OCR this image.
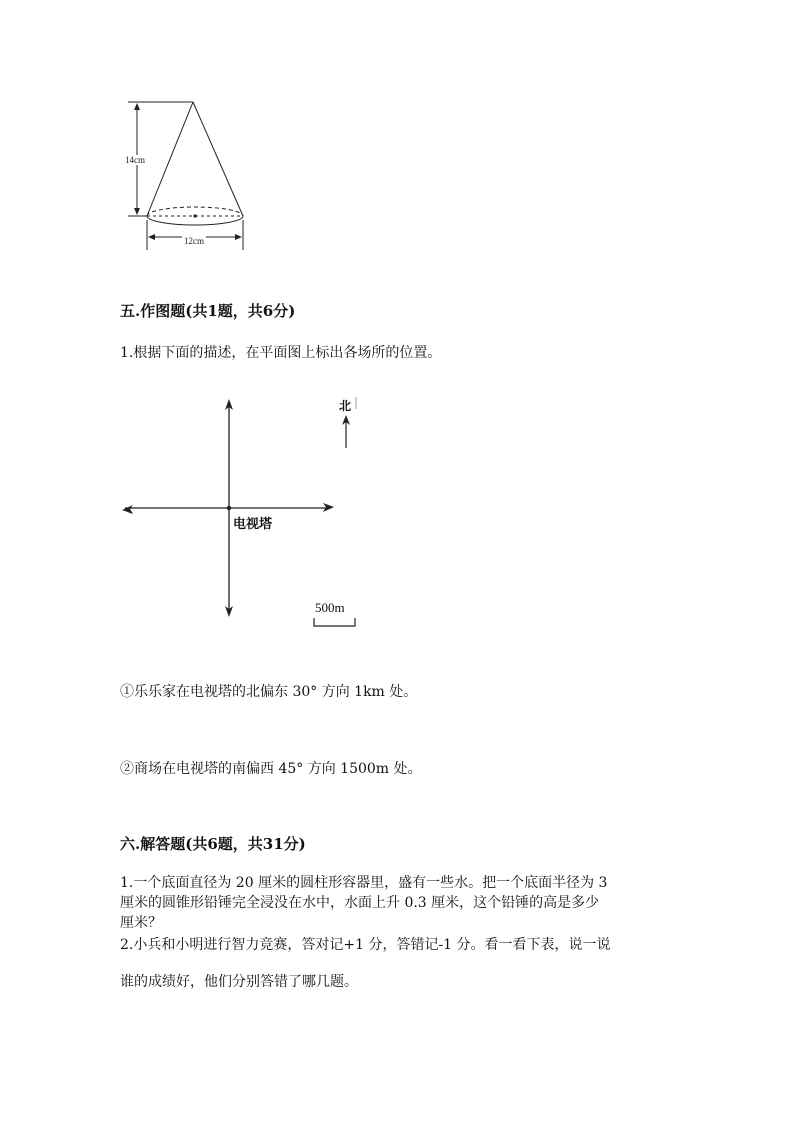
14cm
12cm
五.作图题(共1题，共6分)
1.根据下面的描述，在平面图上标出各场所的位置。
北
电视塔
500m
①乐乐家在电视塔的北偏东 30° 方向 1km 处。
②商场在电视塔的南偏西 45° 方向 1500m 处。
六.解答题(共6题，共31分)
1.一个底面直径为 20 厘米的圆柱形容器里，盛有一些水。把一个底面半径为 3
厘米的圆锥形铅锤完全浸没在水中，水面上升 0.3 厘米，这个铅锤的高是多少
厘米？
2.小兵和小明进行智力竞赛，答对记+1 分，答错记-1 分。看一看下表，说一说
谁的成绩好，他们分别答错了哪几题。
